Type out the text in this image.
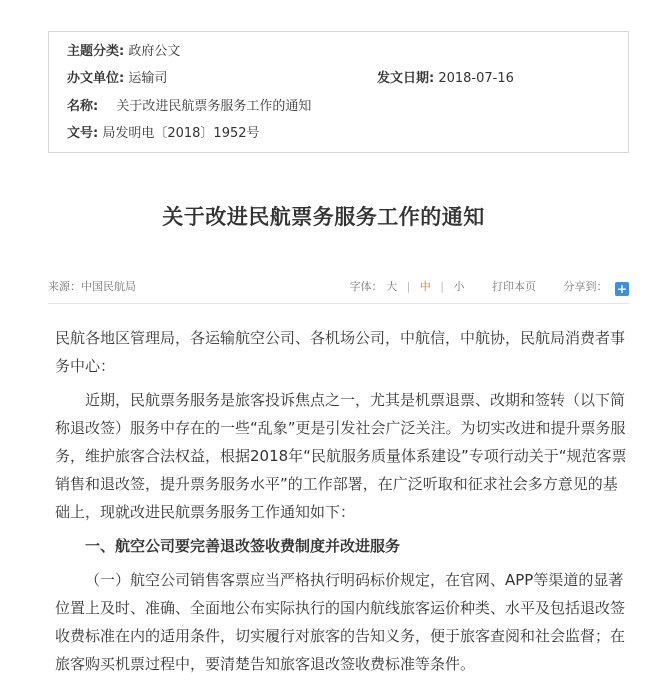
主题分类: 政府公文
办文单位: 运输司	发文日期: 2018-07-16
名称: 关于改进民航票务服务工作的通知
文号: 局发明电〔2018〕1952号
关于改进民航票务服务工作的通知
来源：中国民航局	字体： 大 | 中 | 小	打印本页	分享到： +

民航各地区管理局，各运输航空公司、各机场公司，中航信，中航协，民航局消费者事务中心：

近期，民航票务服务是旅客投诉焦点之一，尤其是机票退票、改期和签转（以下简称退改签）服务中存在的一些“乱象”更是引发社会广泛关注。为切实改进和提升票务服务，维护旅客合法权益，根据2018年“民航服务质量体系建设”专项行动关于“规范客票销售和退改签，提升票务服务水平”的工作部署，在广泛听取和征求社会多方意见的基础上，现就改进民航票务服务工作通知如下：

一、航空公司要完善退改签收费制度并改进服务

（一）航空公司销售客票应当严格执行明码标价规定，在官网、APP等渠道的显著位置上及时、准确、全面地公布实际执行的国内航线旅客运价种类、水平及包括退改签收费标准在内的适用条件，切实履行对旅客的告知义务，便于旅客查阅和社会监督；在旅客购买机票过程中，要清楚告知旅客退改签收费标准等条件。
